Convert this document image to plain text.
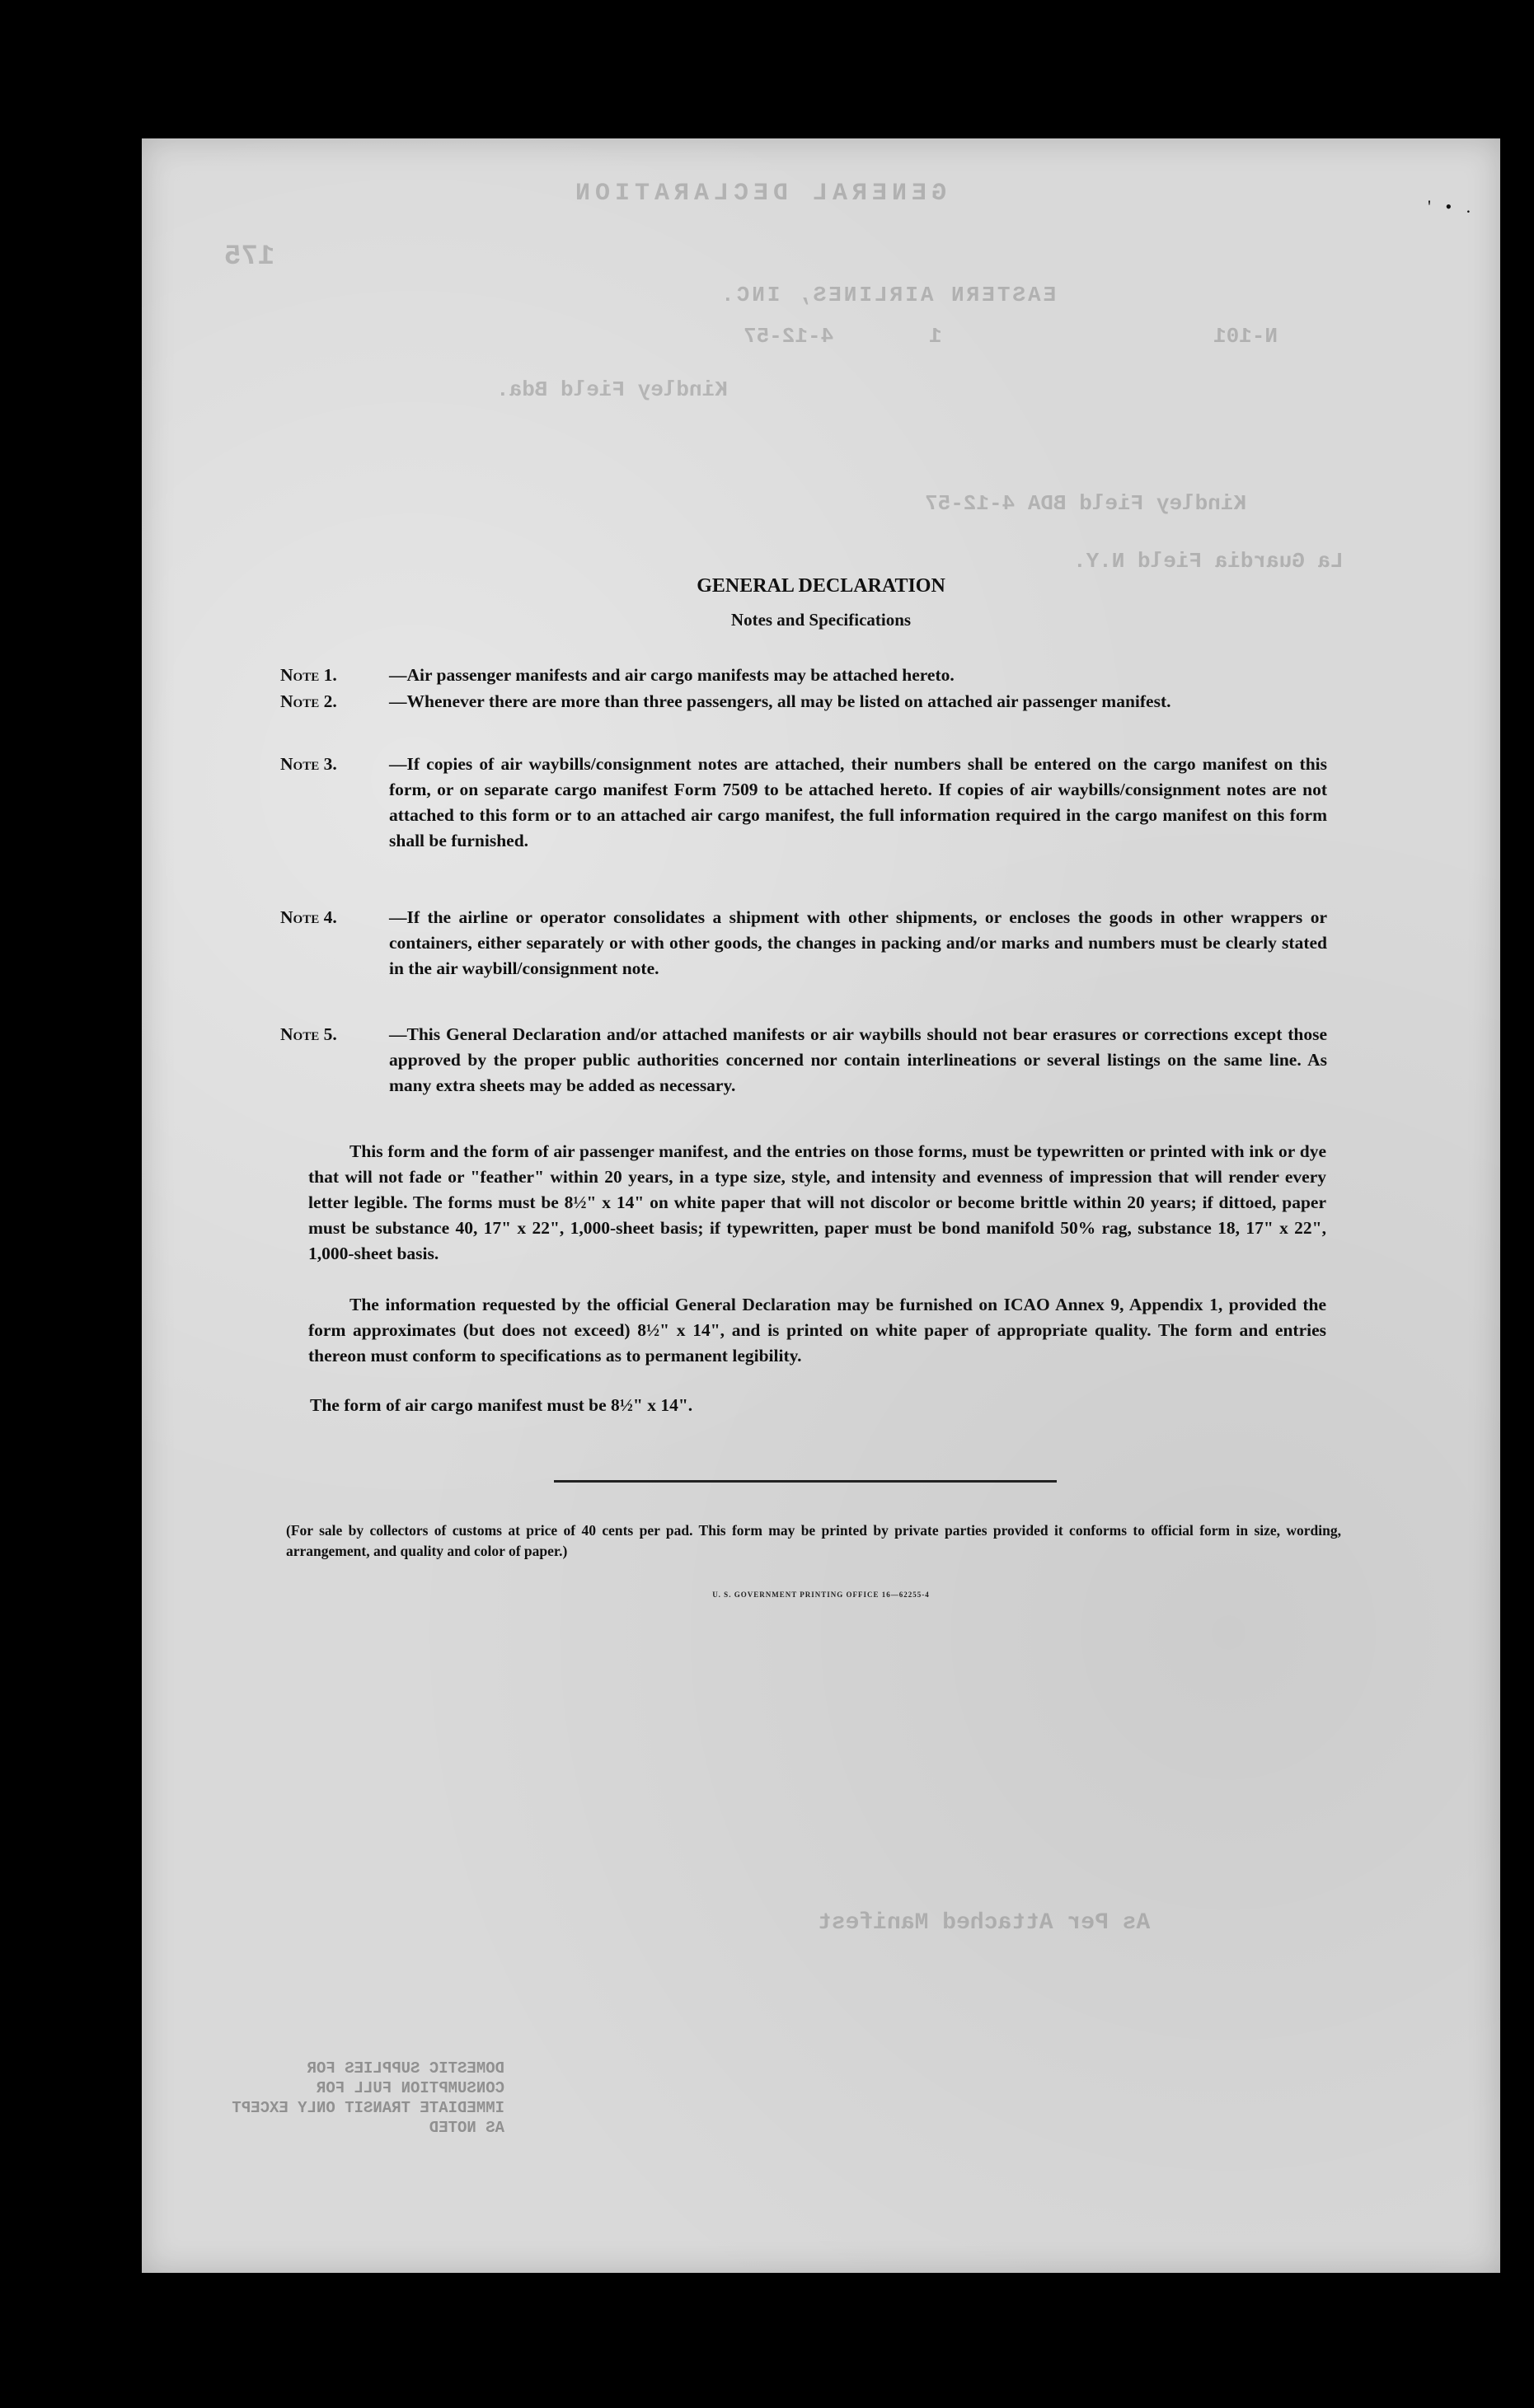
GENERAL DECLARATION
175
EASTERN AIRLINES, INC.
N-101
1
4-12-57
Kindley Field Bda.
Kindley Field BDA 4-12-57
La Guardia Field N.Y.
As Per Attached Manifest
DOMESTIC SUPPLIES FOR CONSUMPTION FULL FOR IMMEDIATE TRANSIT ONLY EXCEPT AS NOTED
' • .
GENERAL DECLARATION
Notes and Specifications
Note 1.	—Air passenger manifests and air cargo manifests may be attached hereto.
Note 2.	—Whenever there are more than three passengers, all may be listed on attached air passenger manifest.
Note 3.	—If copies of air waybills/consignment notes are attached, their numbers shall be entered on the cargo manifest on this form, or on separate cargo manifest Form 7509 to be attached hereto. If copies of air waybills/consignment notes are not attached to this form or to an attached air cargo manifest, the full information required in the cargo manifest on this form shall be furnished.
Note 4.	—If the airline or operator consolidates a shipment with other shipments, or encloses the goods in other wrappers or containers, either separately or with other goods, the changes in packing and/or marks and numbers must be clearly stated in the air waybill/consignment note.
Note 5.	—This General Declaration and/or attached manifests or air waybills should not bear erasures or corrections except those approved by the proper public authorities concerned nor contain interlineations or several listings on the same line. As many extra sheets may be added as necessary.
This form and the form of air passenger manifest, and the entries on those forms, must be typewritten or printed with ink or dye that will not fade or "feather" within 20 years, in a type size, style, and intensity and evenness of impression that will render every letter legible. The forms must be 8½" x 14" on white paper that will not discolor or become brittle within 20 years; if dittoed, paper must be substance 40, 17" x 22", 1,000-sheet basis; if typewritten, paper must be bond manifold 50% rag, substance 18, 17" x 22", 1,000-sheet basis.
The information requested by the official General Declaration may be furnished on ICAO Annex 9, Appendix 1, provided the form approximates (but does not exceed) 8½" x 14", and is printed on white paper of appropriate quality. The form and entries thereon must conform to specifications as to permanent legibility.
The form of air cargo manifest must be 8½" x 14".
(For sale by collectors of customs at price of 40 cents per pad. This form may be printed by private parties provided it conforms to official form in size, wording, arrangement, and quality and color of paper.)
U. S. GOVERNMENT PRINTING OFFICE 16—62255-4
